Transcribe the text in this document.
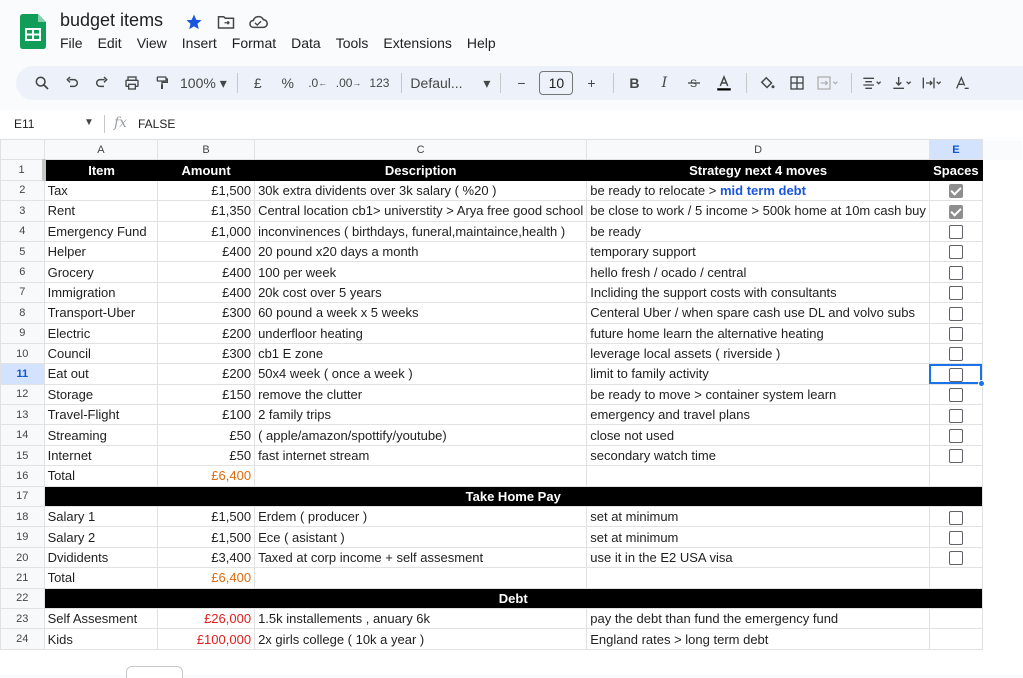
budget items
File	Edit	View	Insert	Format	Data	Tools	Extensions	Help
100%
▾	£	%	.0 ← .00 → 123 Defaul... ▾	−	10	+	B	I	S
E11	▼ fx FALSE
	A	B	C	D	E	
1	Item	Amount	Description	Strategy next 4 moves	Spaces	
2	Tax	£1,500	30k extra dividents over 3k salary ( %20 )	be ready to relocate > mid term debt		
3	Rent	£1,350	Central location cb1> universtity > Arya free good school	be close to work / 5 income > 500k home at 10m cash buy		
4	Emergency Fund	£1,000	inconvinences ( birthdays, funeral,maintaince,health )	be ready		
5	Helper	£400	20 pound x20 days a month	temporary support		
6	Grocery	£400	100 per week	hello fresh / ocado / central		
7	Immigration	£400	20k cost over 5 years	Incliding the support costs with consultants		
8	Transport-Uber	£300	60 pound a week x 5 weeks	Centeral Uber / when spare cash use DL and volvo subs		
9	Electric	£200	underfloor heating	future home learn the alternative heating		
10	Council	£300	cb1 E zone	leverage local assets ( riverside )		
11	Eat out	£200	50x4 week ( once a week )	limit to family activity		
12	Storage	£150	remove the clutter	be ready to move > container system learn		
13	Travel-Flight	£100	2 family trips	emergency and travel plans		
14	Streaming	£50	( apple/amazon/spottify/youtube)	close not used		
15	Internet	£50	fast internet stream	secondary watch time		
16	Total	£6,400				
17	Take Home Pay					
18	Salary 1	£1,500	Erdem ( producer )	set at minimum		
19	Salary 2	£1,500	Ece ( asistant )	set at minimum		
20	Dvididents	£3,400	Taxed at corp income + self assesment	use it in the E2 USA visa		
21	Total	£6,400				
22	Debt					
23	Self Assesment	£26,000	1.5k installements , anuary 6k	pay the debt than fund the emergency fund		
24	Kids	£100,000	2x girls college ( 10k a year )	England rates > long term debt		
